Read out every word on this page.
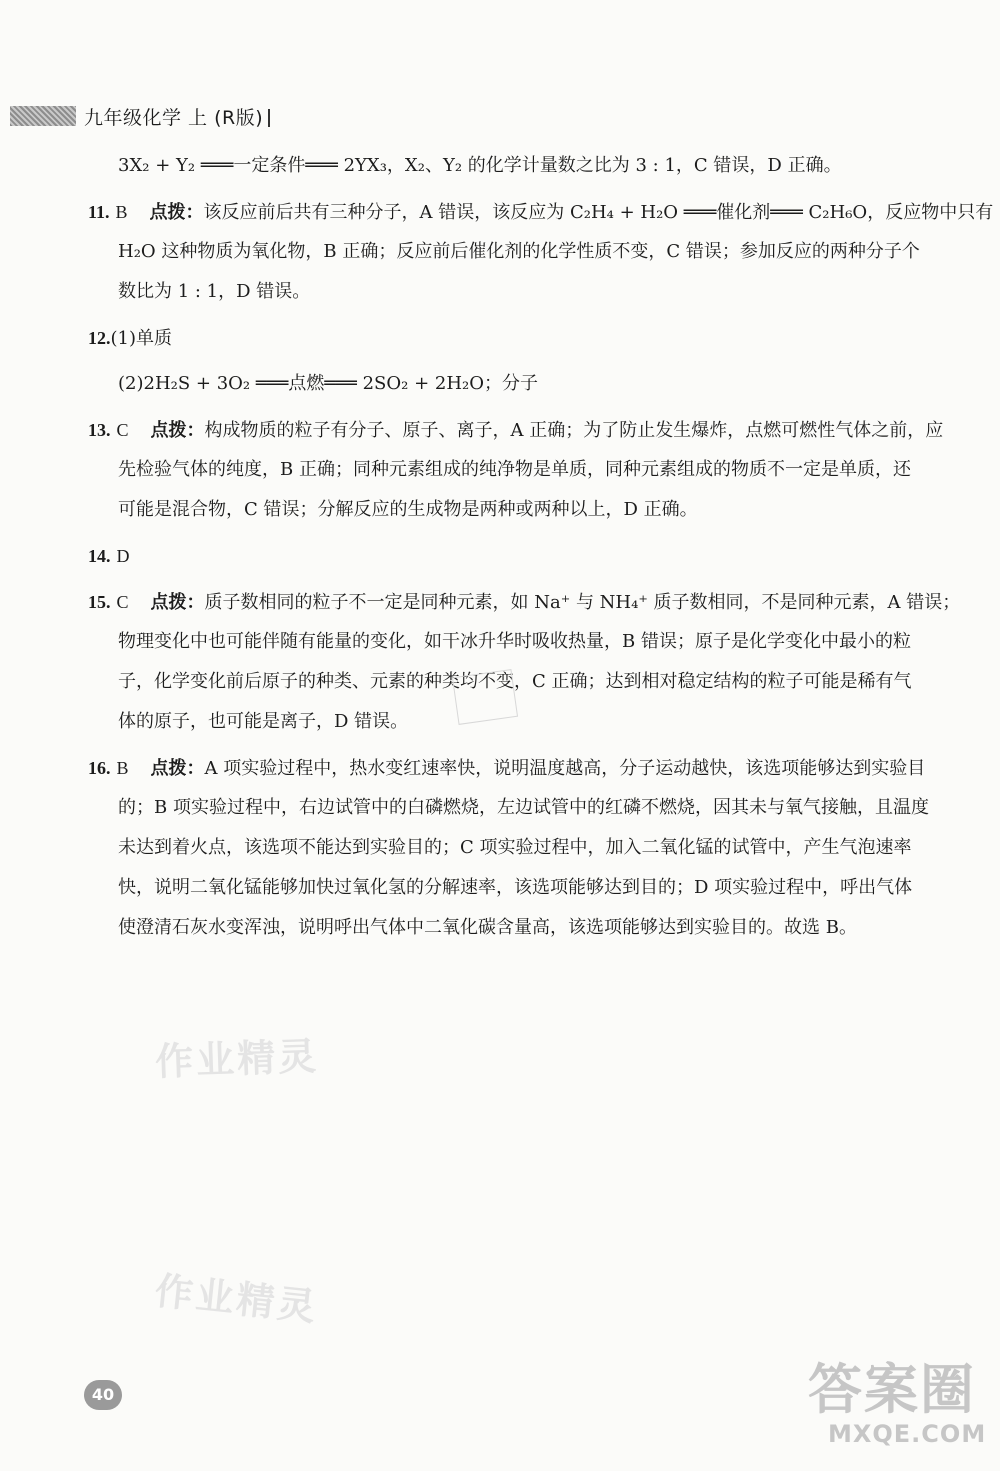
九年级化学 上 (R版)
3X₂ + Y₂ ═══一定条件═══ 2YX₃，X₂、Y₂ 的化学计量数之比为 3 : 1，C 错误，D 正确。
11. B 点拨：该反应前后共有三种分子，A 错误，该反应为 C₂H₄ + H₂O ═══催化剂═══ C₂H₆O，反应物中只有
H₂O 这种物质为氧化物，B 正确；反应前后催化剂的化学性质不变，C 错误；参加反应的两种分子个
数比为 1 : 1，D 错误。
12.(1)单质
(2)2H₂S + 3O₂ ═══点燃═══ 2SO₂ + 2H₂O；分子
13. C 点拨：构成物质的粒子有分子、原子、离子，A 正确；为了防止发生爆炸，点燃可燃性气体之前，应
先检验气体的纯度，B 正确；同种元素组成的纯净物是单质，同种元素组成的物质不一定是单质，还
可能是混合物，C 错误；分解反应的生成物是两种或两种以上，D 正确。
14. D
15. C 点拨：质子数相同的粒子不一定是同种元素，如 Na⁺ 与 NH₄⁺ 质子数相同，不是同种元素，A 错误；
物理变化中也可能伴随有能量的变化，如干冰升华时吸收热量，B 错误；原子是化学变化中最小的粒
子，化学变化前后原子的种类、元素的种类均不变，C 正确；达到相对稳定结构的粒子可能是稀有气
体的原子，也可能是离子，D 错误。
16. B 点拨：A 项实验过程中，热水变红速率快，说明温度越高，分子运动越快，该选项能够达到实验目
的；B 项实验过程中，右边试管中的白磷燃烧，左边试管中的红磷不燃烧，因其未与氧气接触，且温度
未达到着火点，该选项不能达到实验目的；C 项实验过程中，加入二氧化锰的试管中，产生气泡速率
快，说明二氧化锰能够加快过氧化氢的分解速率，该选项能够达到目的；D 项实验过程中，呼出气体
使澄清石灰水变浑浊，说明呼出气体中二氧化碳含量高，该选项能够达到实验目的。故选 B。
作业精灵
作业精灵
40	答案圈
MXQE.COM
